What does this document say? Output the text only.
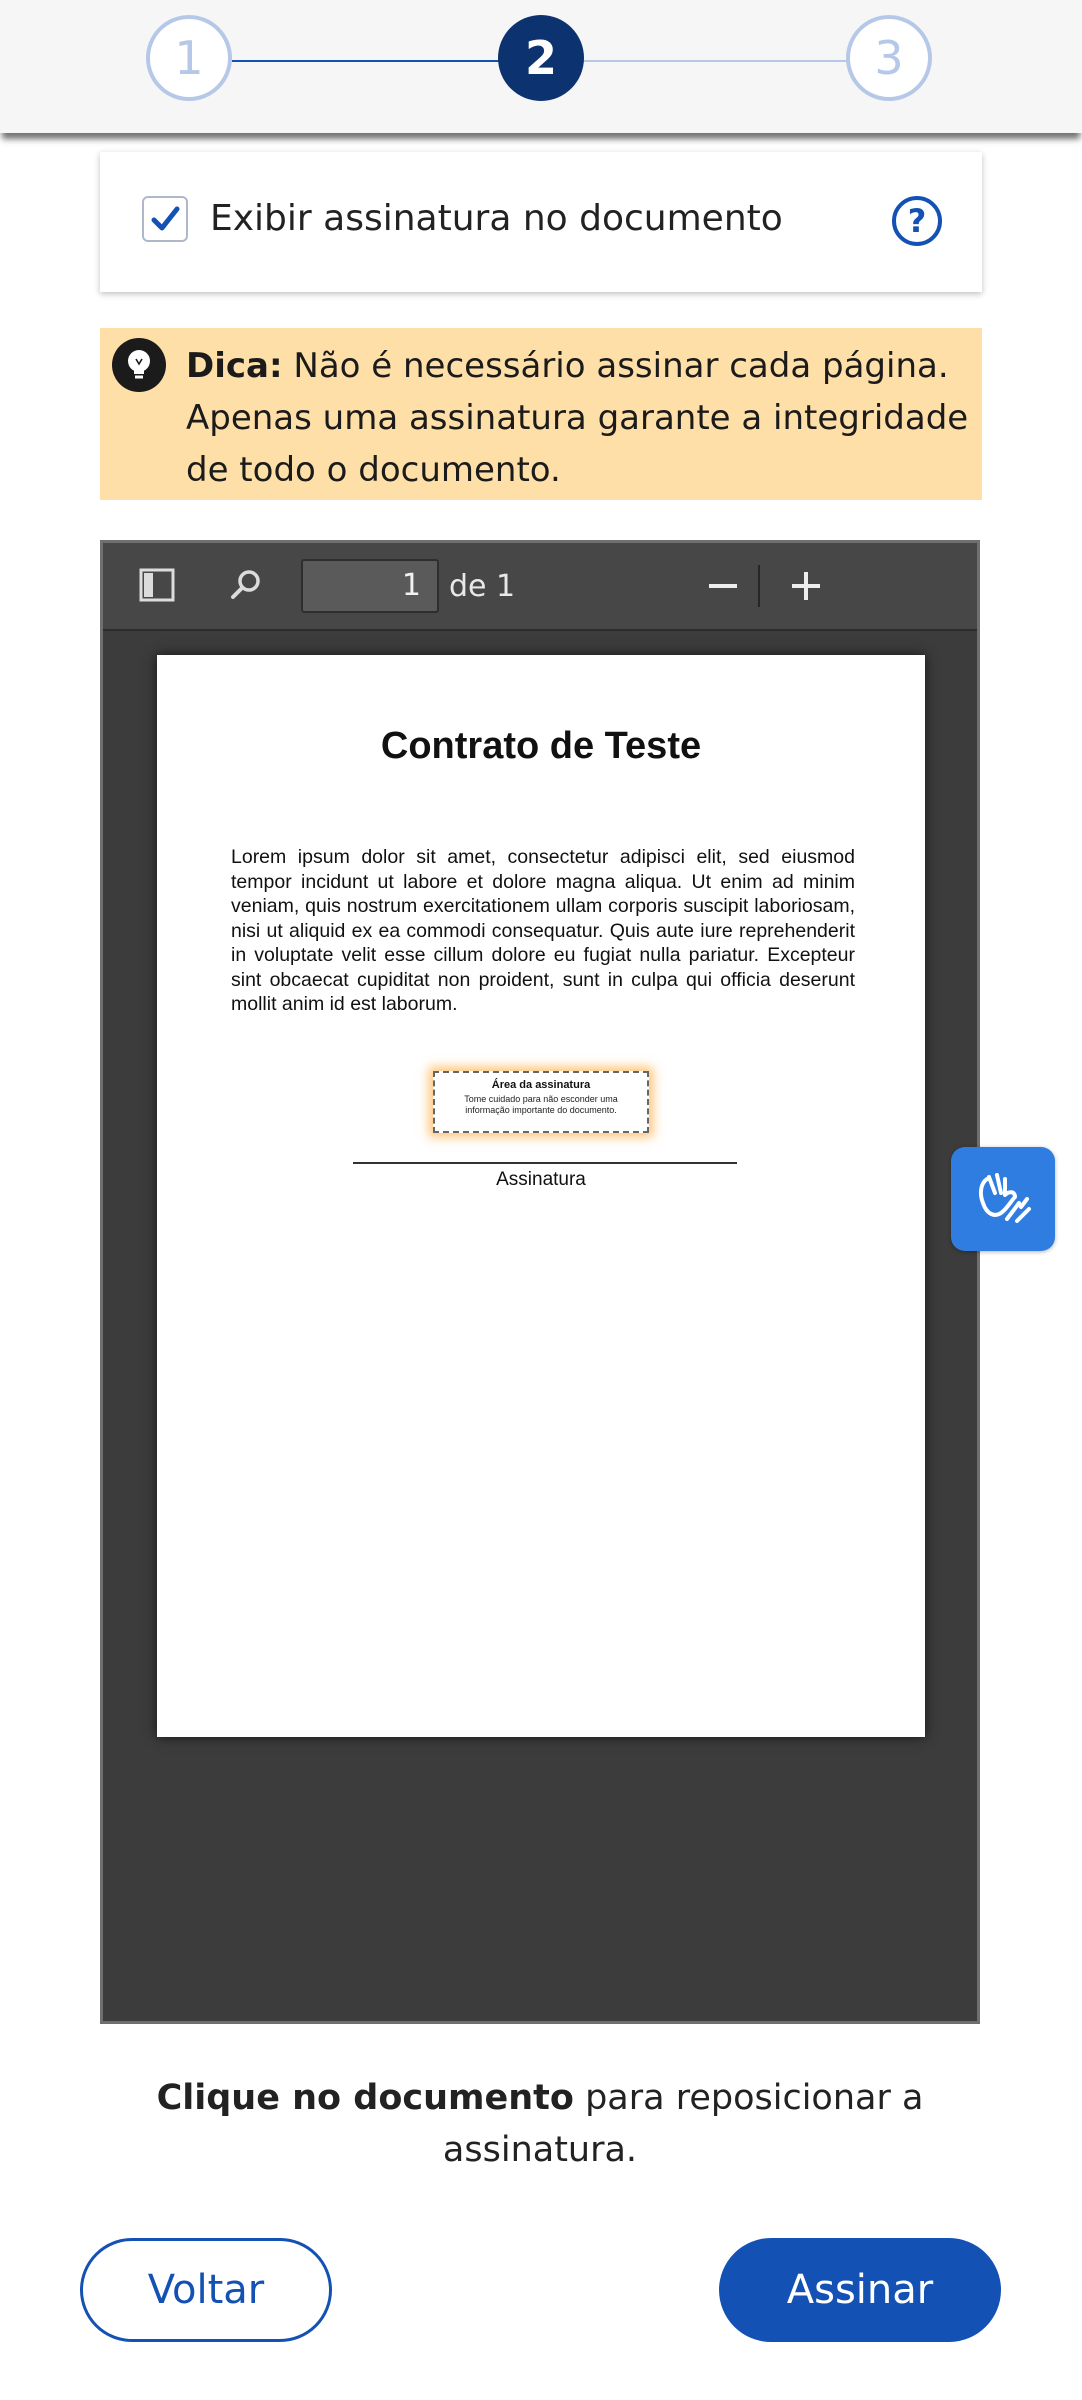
1	2	3
Exibir assinatura no documento	?
Dica: Não é necessário assinar cada página. Apenas uma assinatura garante a integridade de todo o documento.
1 de 1
Contrato de Teste
Lorem ipsum dolor sit amet, consectetur adipisci elit, sed eiusmod tempor incidunt ut labore et dolore magna aliqua. Ut enim ad minim veniam, quis nostrum exercitationem ullam corporis suscipit laboriosam, nisi ut aliquid ex ea commodi consequatur. Quis aute iure reprehenderit in voluptate velit esse cillum dolore eu fugiat nulla pariatur. Excepteur sint obcaecat cupiditat non proident, sunt in culpa qui officia deserunt mollit anim id est laborum.
Área da assinatura
Tome cuidado para não esconder uma informação importante do documento.
Assinatura
Clique no documento para reposicionar a assinatura.
Voltar	Assinar
